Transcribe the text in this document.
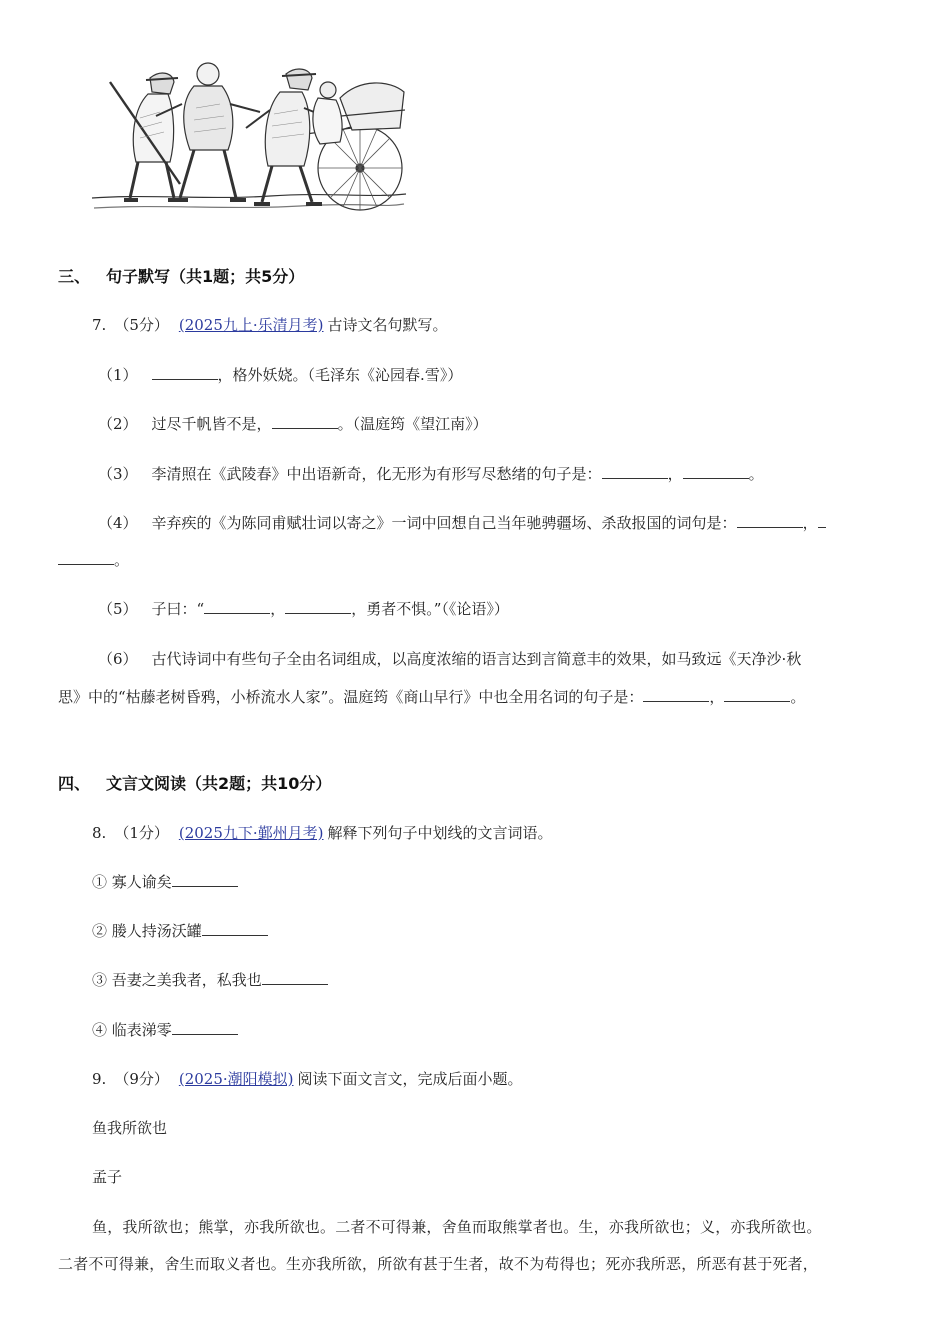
三、 句子默写（共1题；共5分）
7. （5分） (2025九上·乐清月考) 古诗文名句默写。
（1）	，格外妖娆。（毛泽东《沁园春.雪》）
（2） 过尽千帆皆不是，	。（温庭筠《望江南》）
（3） 李清照在《武陵春》中出语新奇，化无形为有形写尽愁绪的句子是：	，	。
（4） 辛弃疾的《为陈同甫赋壮词以寄之》一词中回想自己当年驰骋疆场、杀敌报国的词句是：	，
。
（5） 子曰：“	，	，勇者不惧。”（《论语》）
（6） 古代诗词中有些句子全由名词组成，以高度浓缩的语言达到言简意丰的效果，如马致远《天净沙·秋
思》中的“枯藤老树昏鸦，小桥流水人家”。温庭筠《商山早行》中也全用名词的句子是：	，	。
四、 文言文阅读（共2题；共10分）
8. （1分） (2025九下·鄞州月考) 解释下列句子中划线的文言词语。
① 寡人谕矣
② 媵人持汤沃罐
③ 吾妻之美我者，私我也
④ 临表涕零
9. （9分） (2025·潮阳模拟) 阅读下面文言文，完成后面小题。
鱼我所欲也
孟子
鱼，我所欲也；熊掌，亦我所欲也。二者不可得兼，舍鱼而取熊掌者也。生，亦我所欲也；义，亦我所欲也。
二者不可得兼，舍生而取义者也。生亦我所欲，所欲有甚于生者，故不为苟得也；死亦我所恶，所恶有甚于死者，
